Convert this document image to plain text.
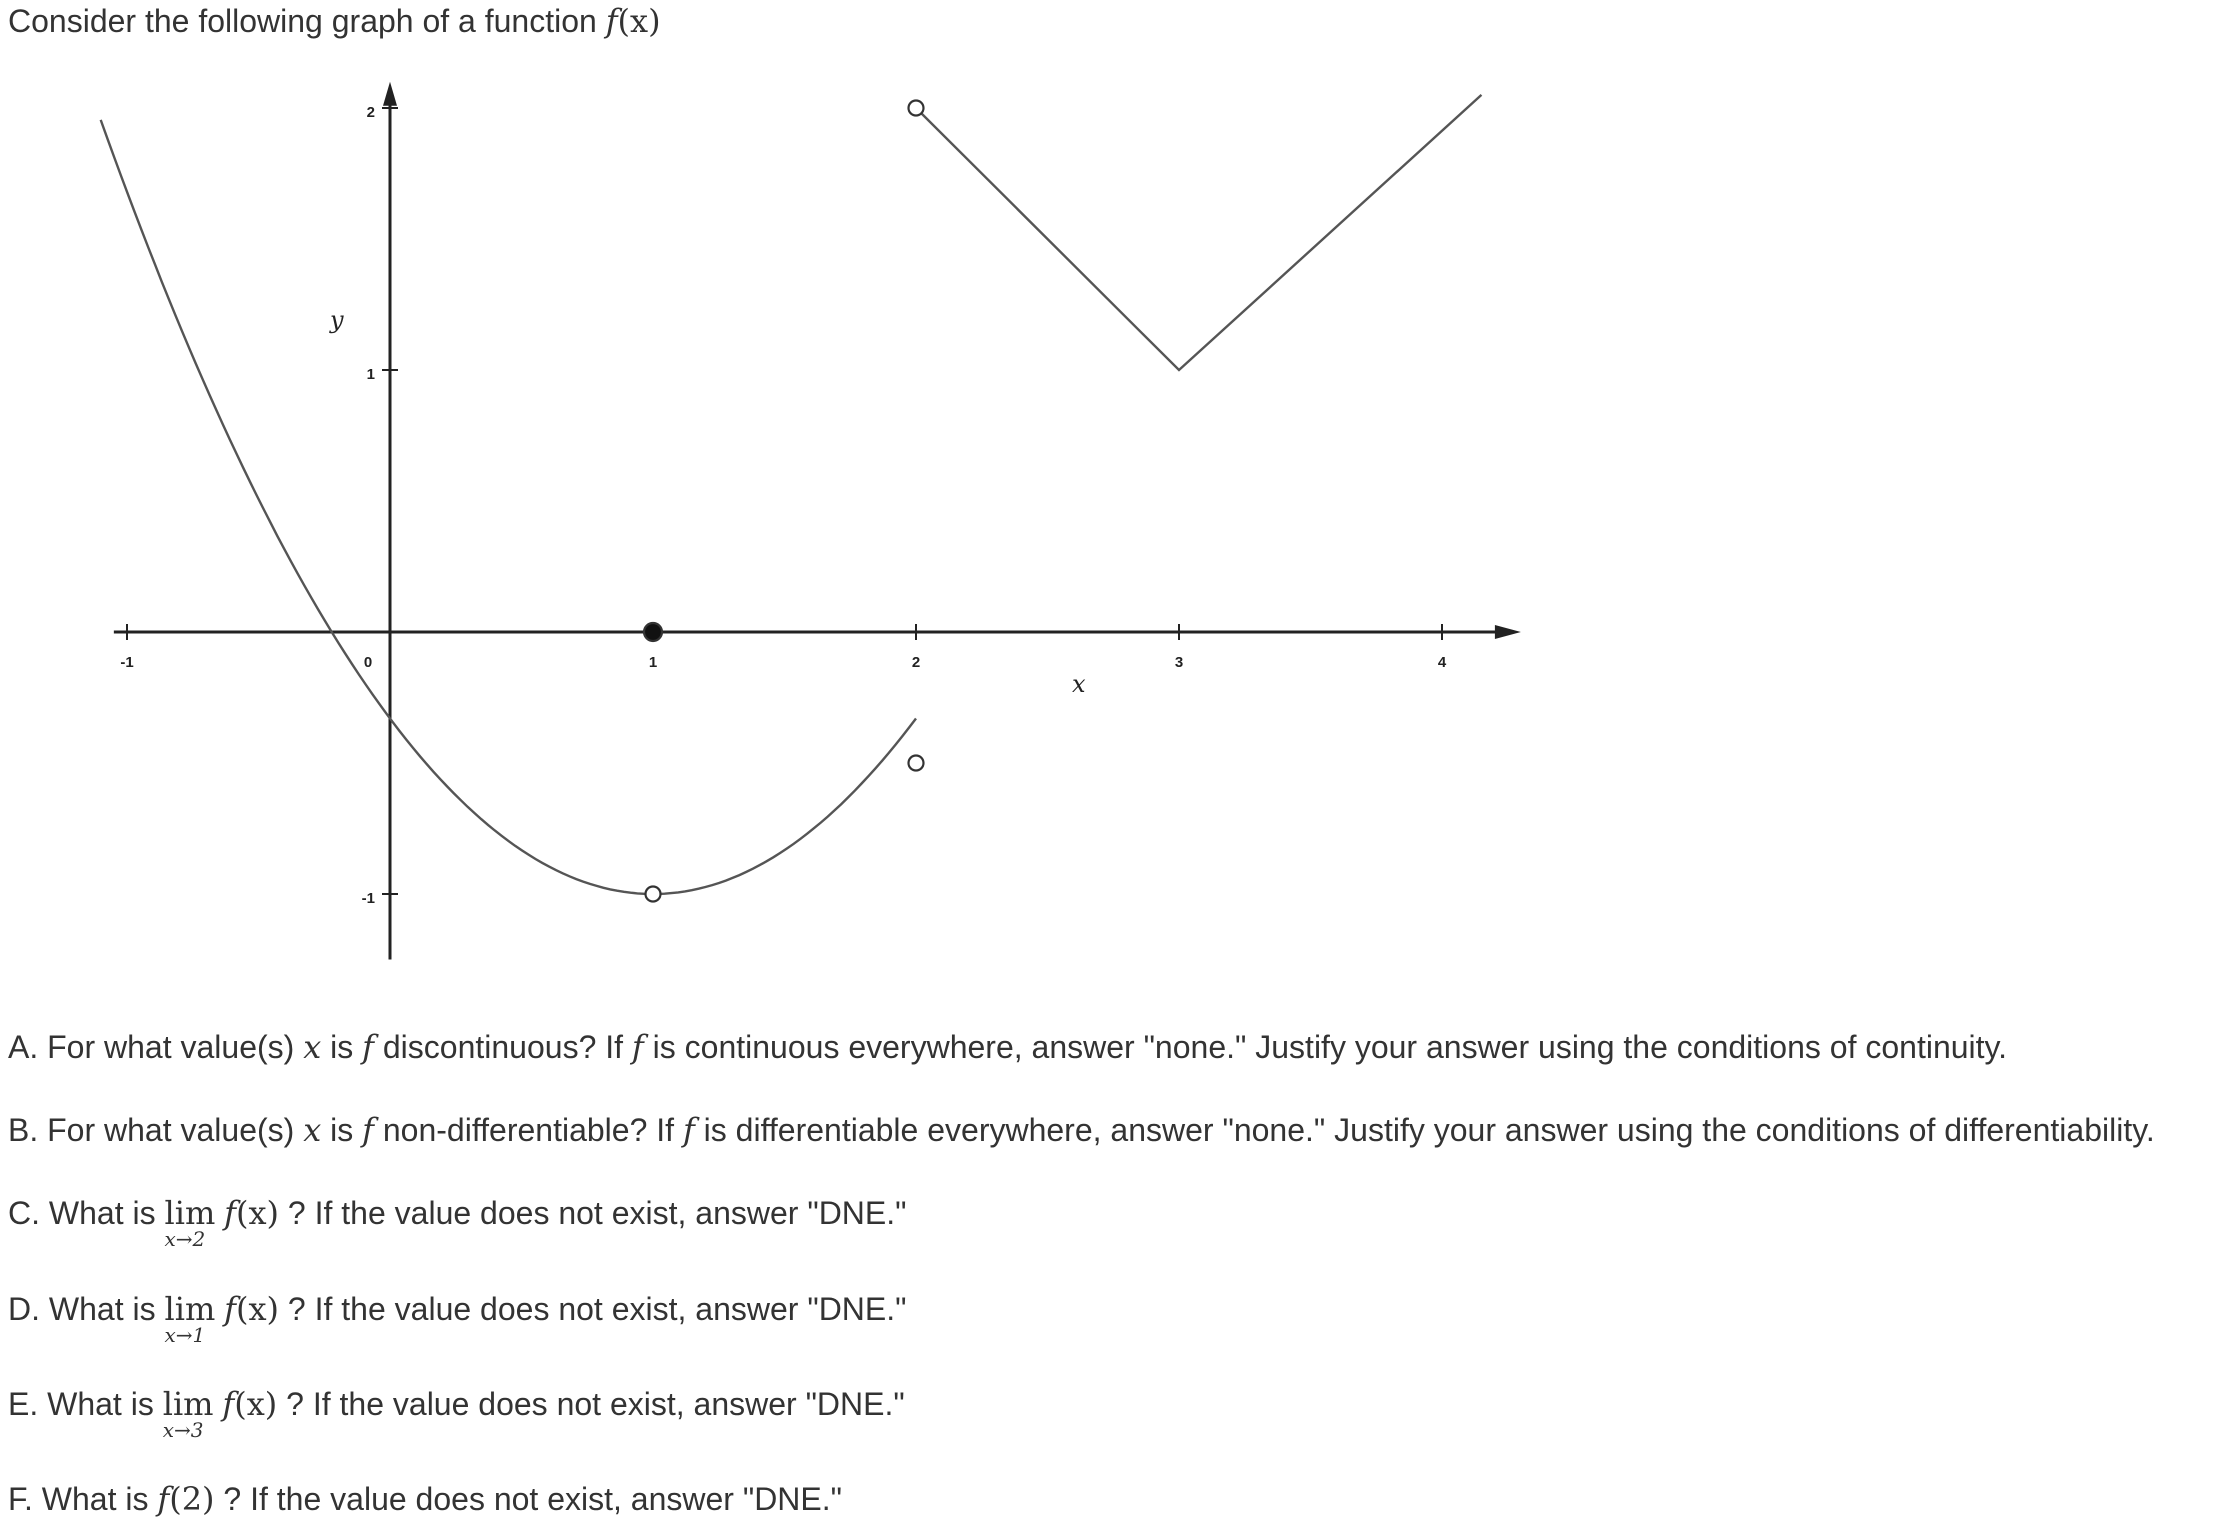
Consider the following graph of a function f(x)
x
y
-1	0	1	2	3	4
2
1
-1
A. For what value(s) x is f discontinuous? If f is continuous everywhere, answer "none." Justify your answer using the conditions of continuity.
B. For what value(s) x is f non-differentiable? If f is differentiable everywhere, answer "none." Justify your answer using the conditions of differentiability.
C. What is lim
x→2
f(x) ? If the value does not exist, answer "DNE."
D. What is lim
x→1
f(x) ? If the value does not exist, answer "DNE."
E. What is lim
x→3
f(x) ? If the value does not exist, answer "DNE."
F. What is f(2) ? If the value does not exist, answer "DNE."
